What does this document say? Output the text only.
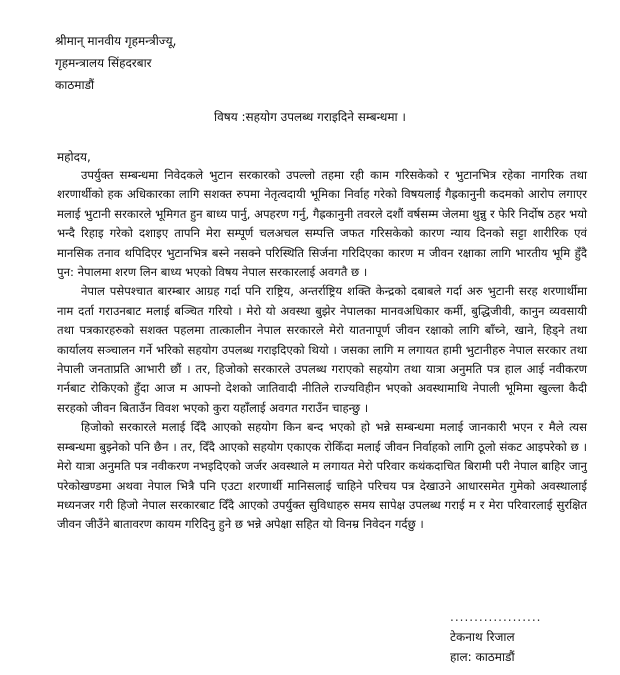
श्रीमान् मानवीय गृहमन्त्रीज्यू,
गृहमन्त्रालय सिंहदरबार
काठमाडौं
विषय :सहयोग उपलब्ध गराइदिने सम्बन्धमा ।
महोदय,

उपर्युक्त सम्बन्धमा निवेदकले भुटान सरकारको उपल्लो तहमा रही काम गरिसकेको र भुटानभित्र रहेका नागरिक तथा शरणार्थीको हक अधिकारका लागि सशक्त रुपमा नेतृत्वदायी भूमिका निर्वाह गरेको विषयलाई गैह्रकानुनी कदमको आरोप लगाएर मलाई भुटानी सरकारले भूमिगत हुन बाध्य पार्नु, अपहरण गर्नु, गैह्रकानुनी तवरले दशौं वर्षसम्म जेलमा थुन्नु र फेरि निर्दोष ठहर भयो भन्दै रिहाइ गरेको दशाइए तापनि मेरा सम्पूर्ण चलअचल सम्पत्ति जफत गरिसकेको कारण न्याय दिनको सट्टा शारीरिक एवं मानसिक तनाव थपिदिएर भुटानभित्र बस्ने नसक्ने परिस्थिति सिर्जना गरिदिएका कारण म जीवन रक्षाका लागि भारतीय भूमि हुँदै पुन: नेपालमा शरण लिन बाध्य भएको विषय नेपाल सरकारलाई अवगतै छ ।

नेपाल पसेपश्चात बारम्बार आग्रह गर्दा पनि राष्ट्रिय, अन्तर्राष्ट्रिय शक्ति केन्द्रको दबाबले गर्दा अरु भुटानी सरह शरणार्थीमा नाम दर्ता गराउनबाट मलाई बञ्चित गरियो । मेरो यो अवस्था बुझेर नेपालका मानवअधिकार कर्मी, बुद्धिजीवी, कानुन व्यवसायी तथा पत्रकारहरुको सशक्त पहलमा तात्कालीन नेपाल सरकारले मेरो यातनापूर्ण जीवन रक्षाको लागि बाँच्ने, खाने, हिड्ने तथा कार्यालय सञ्चालन गर्ने भरिको सहयोग उपलब्ध गराइदिएको थियो । जसका लागि म लगायत हामी भुटानीहरु नेपाल सरकार तथा नेपाली जनताप्रति आभारी छौं । तर, हिजोको सरकारले उपलब्ध गराएको सहयोग तथा यात्रा अनुमति पत्र हाल आई नवीकरण गर्नबाट रोकिएको हुँदा आज म आफ्नो देशको जातिवादी नीतिले राज्यविहीन भएको अवस्थामाथि नेपाली भूमिमा खुल्ला कैदी सरहको जीवन बिताउँन विवश भएको कुरा यहाँलाई अवगत गराउँन चाहन्छु ।

हिजोको सरकारले मलाई दिँदै आएको सहयोग किन बन्द भएको हो भन्ने सम्बन्धमा मलाई जानकारी भएन र मैले त्यस सम्बन्धमा बुझ्नेको पनि छैन । तर, दिँदै आएको सहयोग एकाएक रोकिँदा मलाई जीवन निर्वाहको लागि ठूलो संकट आइपरेको छ । मेरो यात्रा अनुमति पत्र नवीकरण नभइदिएको जर्जर अवस्थाले म लगायत मेरो परिवार कथंकदाचित बिरामी परी नेपाल बाहिर जानु परेकोखण्डमा अथवा नेपाल भित्रै पनि एउटा शरणार्थी मानिसलाई चाहिने परिचय पत्र देखाउने आधारसमेत गुमेको अवस्थालाई मध्यनजर गरी हिजो नेपाल सरकारबाट दिँदै आएको उपर्युक्त सुविधाहरु समय सापेक्ष उपलब्ध गराई म र मेरा परिवारलाई सुरक्षित जीवन जीउँने बातावरण कायम गरिदिनु हुने छ भन्ने अपेक्षा सहित यो विनम्र निवेदन गर्दछु ।

...................
टेकनाथ रिजाल
हाल: काठमाडौं
